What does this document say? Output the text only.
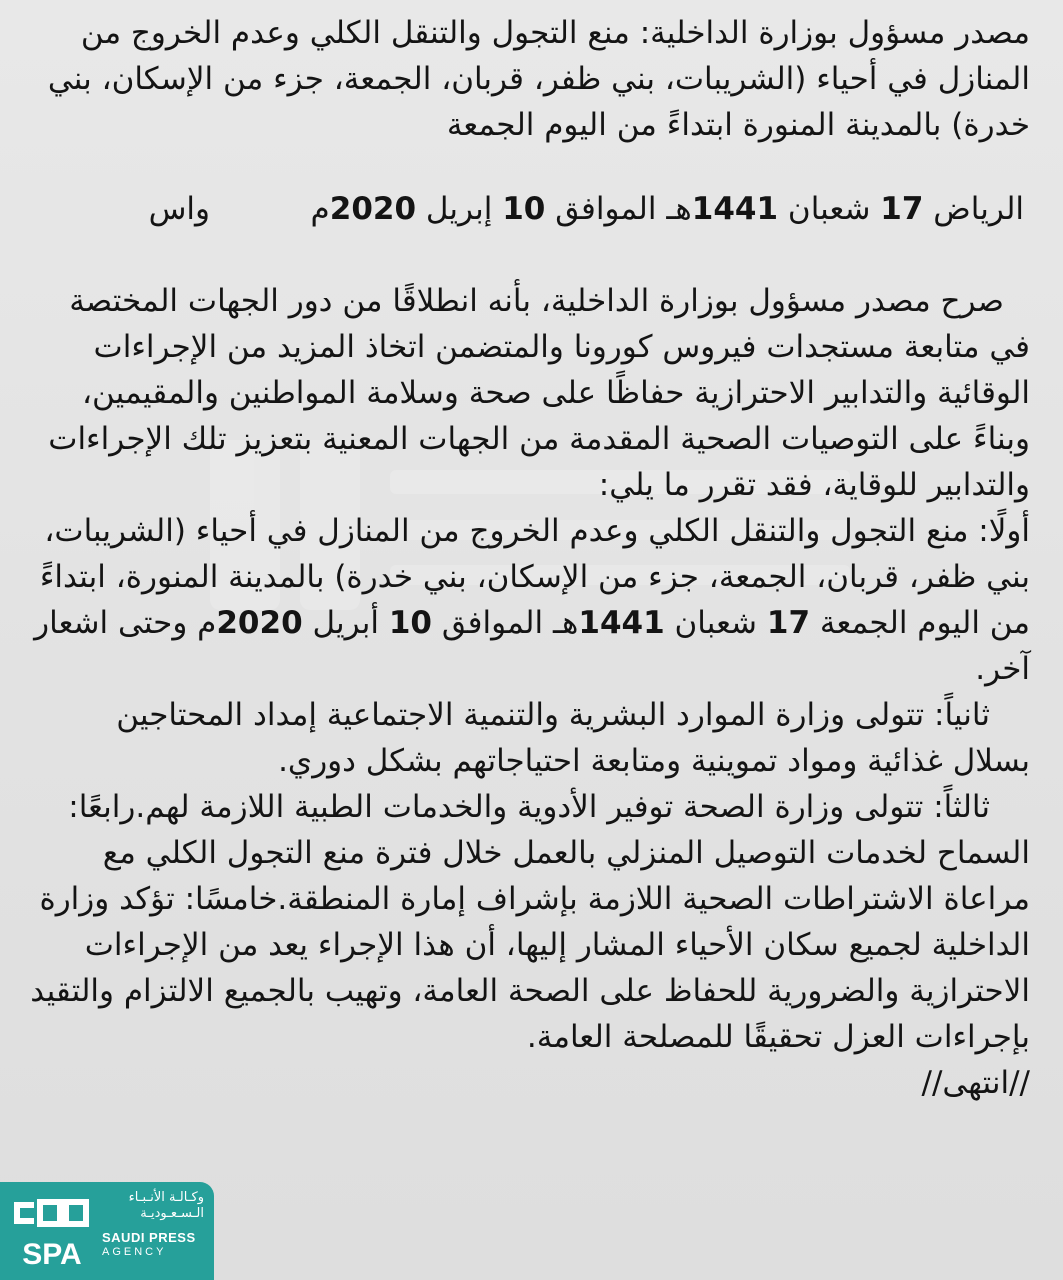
مصدر مسؤول بوزارة الداخلية: منع التجول والتنقل الكلي وعدم الخروج من المنازل في أحياء (الشريبات، بني ظفر، قربان، الجمعة، جزء من الإسكان، بني خدرة) بالمدينة المنورة ابتداءً من اليوم الجمعة
الرياض 17 شعبان 1441هـ الموافق 10 إبريل 2020م
واس

صرح مصدر مسؤول بوزارة الداخلية، بأنه انطلاقًا من دور الجهات المختصة في متابعة مستجدات فيروس كورونا والمتضمن اتخاذ المزيد من الإجراءات الوقائية والتدابير الاحترازية حفاظًا على صحة وسلامة المواطنين والمقيمين، وبناءً على التوصيات الصحية المقدمة من الجهات المعنية بتعزيز تلك الإجراءات والتدابير للوقاية، فقد تقرر ما يلي:

أولًا: منع التجول والتنقل الكلي وعدم الخروج من المنازل في أحياء (الشريبات، بني ظفر، قربان، الجمعة، جزء من الإسكان، بني خدرة) بالمدينة المنورة، ابتداءً من اليوم الجمعة 17 شعبان 1441هـ الموافق 10 أبريل 2020م وحتى اشعار آخر.

ثانياً: تتولى وزارة الموارد البشرية والتنمية الاجتماعية إمداد المحتاجين بسلال غذائية ومواد تموينية ومتابعة احتياجاتهم بشكل دوري.

ثالثاً: تتولى وزارة الصحة توفير الأدوية والخدمات الطبية اللازمة لهم.رابعًا: السماح لخدمات التوصيل المنزلي بالعمل خلال فترة منع التجول الكلي مع مراعاة الاشتراطات الصحية اللازمة بإشراف إمارة المنطقة.خامسًا: تؤكد وزارة الداخلية لجميع سكان الأحياء المشار إليها، أن هذا الإجراء يعد من الإجراءات الاحترازية والضرورية للحفاظ على الصحة العامة، وتهيب بالجميع الالتزام والتقيد بإجراءات العزل تحقيقًا للمصلحة العامة.

//انتهى//

SPA
وكـالـة الأنـبـاء
الـسـعـوديـة
SAUDI PRESS
AGENCY
